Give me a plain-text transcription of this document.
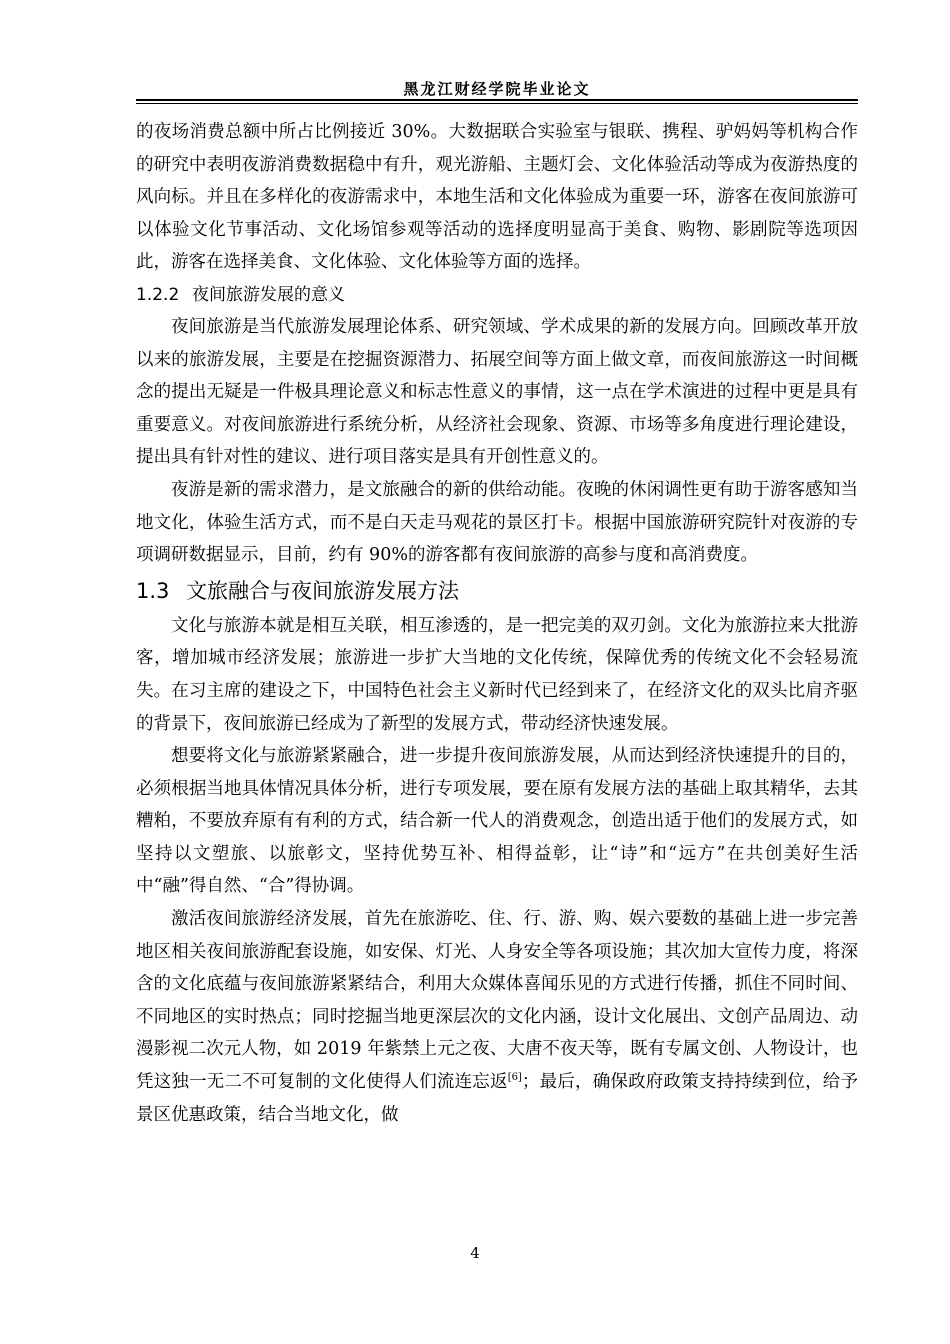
黑龙江财经学院毕业论文

的夜场消费总额中所占比例接近 30%。大数据联合实验室与银联、携程、驴妈妈等机构合作的研究中表明夜游消费数据稳中有升，观光游船、主题灯会、文化体验活动等成为夜游热度的风向标。并且在多样化的夜游需求中，本地生活和文化体验成为重要一环，游客在夜间旅游可以体验文化节事活动、文化场馆参观等活动的选择度明显高于美食、购物、影剧院等选项因此，游客在选择美食、文化体验、文化体验等方面的选择。

1.2.2 夜间旅游发展的意义

夜间旅游是当代旅游发展理论体系、研究领域、学术成果的新的发展方向。回顾改革开放以来的旅游发展，主要是在挖掘资源潜力、拓展空间等方面上做文章，而夜间旅游这一时间概念的提出无疑是一件极具理论意义和标志性意义的事情，这一点在学术演进的过程中更是具有重要意义。对夜间旅游进行系统分析，从经济社会现象、资源、市场等多角度进行理论建设，提出具有针对性的建议、进行项目落实是具有开创性意义的。

夜游是新的需求潜力，是文旅融合的新的供给动能。夜晚的休闲调性更有助于游客感知当地文化，体验生活方式，而不是白天走马观花的景区打卡。根据中国旅游研究院针对夜游的专项调研数据显示，目前，约有 90%的游客都有夜间旅游的高参与度和高消费度。

1.3 文旅融合与夜间旅游发展方法

文化与旅游本就是相互关联，相互渗透的，是一把完美的双刃剑。文化为旅游拉来大批游客，增加城市经济发展；旅游进一步扩大当地的文化传统，保障优秀的传统文化不会轻易流失。在习主席的建设之下，中国特色社会主义新时代已经到来了，在经济文化的双头比肩齐驱的背景下，夜间旅游已经成为了新型的发展方式，带动经济快速发展。

想要将文化与旅游紧紧融合，进一步提升夜间旅游发展，从而达到经济快速提升的目的，必须根据当地具体情况具体分析，进行专项发展，要在原有发展方法的基础上取其精华，去其糟粕，不要放弃原有有利的方式，结合新一代人的消费观念，创造出适于他们的发展方式，如坚持以文塑旅、以旅彰文，坚持优势互补、相得益彰，让“诗”和“远方”在共创美好生活中“融”得自然、“合”得协调。

激活夜间旅游经济发展，首先在旅游吃、住、行、游、购、娱六要数的基础上进一步完善地区相关夜间旅游配套设施，如安保、灯光、人身安全等各项设施；其次加大宣传力度，将深含的文化底蕴与夜间旅游紧紧结合，利用大众媒体喜闻乐见的方式进行传播，抓住不同时间、不同地区的实时热点；同时挖掘当地更深层次的文化内涵，设计文化展出、文创产品周边、动漫影视二次元人物，如 2019 年紫禁上元之夜、大唐不夜天等，既有专属文创、人物设计，也凭这独一无二不可复制的文化使得人们流连忘返[6]；最后，确保政府政策支持持续到位，给予景区优惠政策，结合当地文化，做

4
